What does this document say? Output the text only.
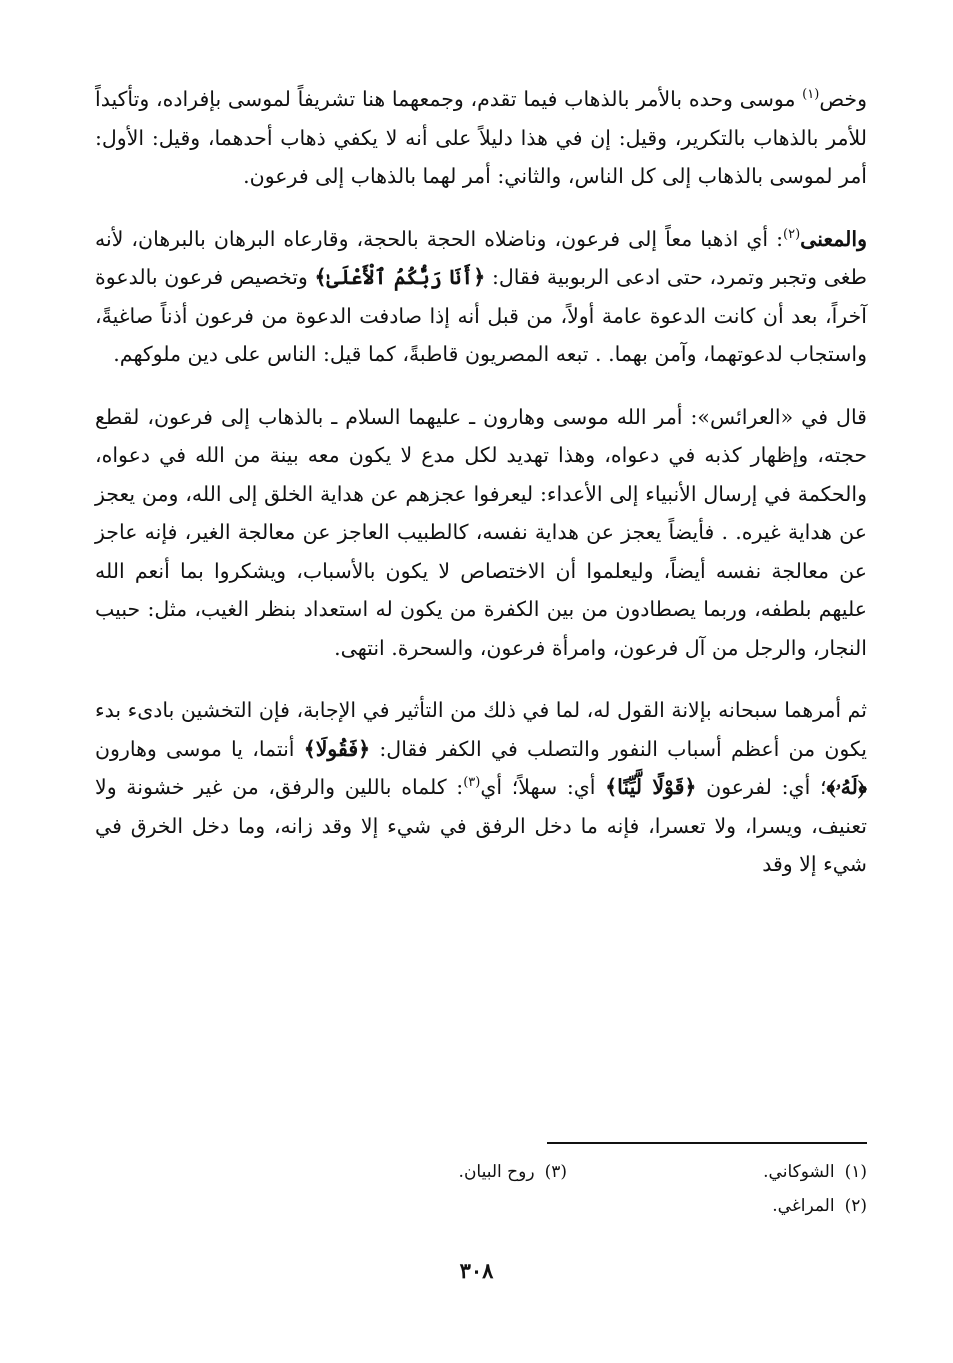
وخص$^{(١)}$ موسى وحده بالأمر بالذهاب فيما تقدم، وجمعهما هنا تشريفاً لموسى بإفراده، وتأكيداً للأمر بالذهاب بالتكرير، وقيل: إن في هذا دليلاً على أنه لا يكفي ذهاب أحدهما، وقيل: الأول: أمر لموسى بالذهاب إلى كل الناس، والثاني: أمر لهما بالذهاب إلى فرعون.

والمعنى$^{(٢)}$: أي اذهبا معاً إلى فرعون، وناضلاه الحجة بالحجة، وقارعاه البرهان بالبرهان، لأنه طغى وتجبر وتمرد، حتى ادعى الربوبية فقال: ﴿أَنَا رَبُّكُمُ ٱلْأَعْلَىٰ﴾ وتخصيص فرعون بالدعوة آخراً، بعد أن كانت الدعوة عامة أولاً، من قبل أنه إذا صادفت الدعوة من فرعون أذناً صاغيةً، واستجاب لدعوتهما، وآمن بهما. . تبعه المصريون قاطبةً، كما قيل: الناس على دين ملوكهم.

قال في «العرائس»: أمر الله موسى وهارون ـ عليهما السلام ـ بالذهاب إلى فرعون، لقطع حجته، وإظهار كذبه في دعواه، وهذا تهديد لكل مدع لا يكون معه بينة من الله في دعواه، والحكمة في إرسال الأنبياء إلى الأعداء: ليعرفوا عجزهم عن هداية الخلق إلى الله، ومن يعجز عن هداية غيره. . فأيضاً يعجز عن هداية نفسه، كالطبيب العاجز عن معالجة الغير، فإنه عاجز عن معالجة نفسه أيضاً، وليعلموا أن الاختصاص لا يكون بالأسباب، ويشكروا بما أنعم الله عليهم بلطفه، وربما يصطادون من بين الكفرة من يكون له استعداد بنظر الغيب، مثل: حبيب النجار، والرجل من آل فرعون، وامرأة فرعون، والسحرة. انتهى.

ثم أمرهما سبحانه بإلانة القول له، لما في ذلك من التأثير في الإجابة، فإن التخشين بادىء بدء يكون من أعظم أسباب النفور والتصلب في الكفر فقال: ﴿فَقُولَا﴾ أنتما، يا موسى وهارون ﴿لَهُۥ﴾؛ أي: لفرعون ﴿قَوْلًا لَّيِّنًا﴾ أي: سهلاً؛ أي$^{(٣)}$: كلماه باللين والرفق، من غير خشونة ولا تعنيف، ويسرا، ولا تعسرا، فإنه ما دخل الرفق في شيء إلا وقد زانه، وما دخل الخرق في شيء إلا وقد

(١)الشوكاني.
(٣)روح البيان.
(٢)المراغي.
٣٠٨
